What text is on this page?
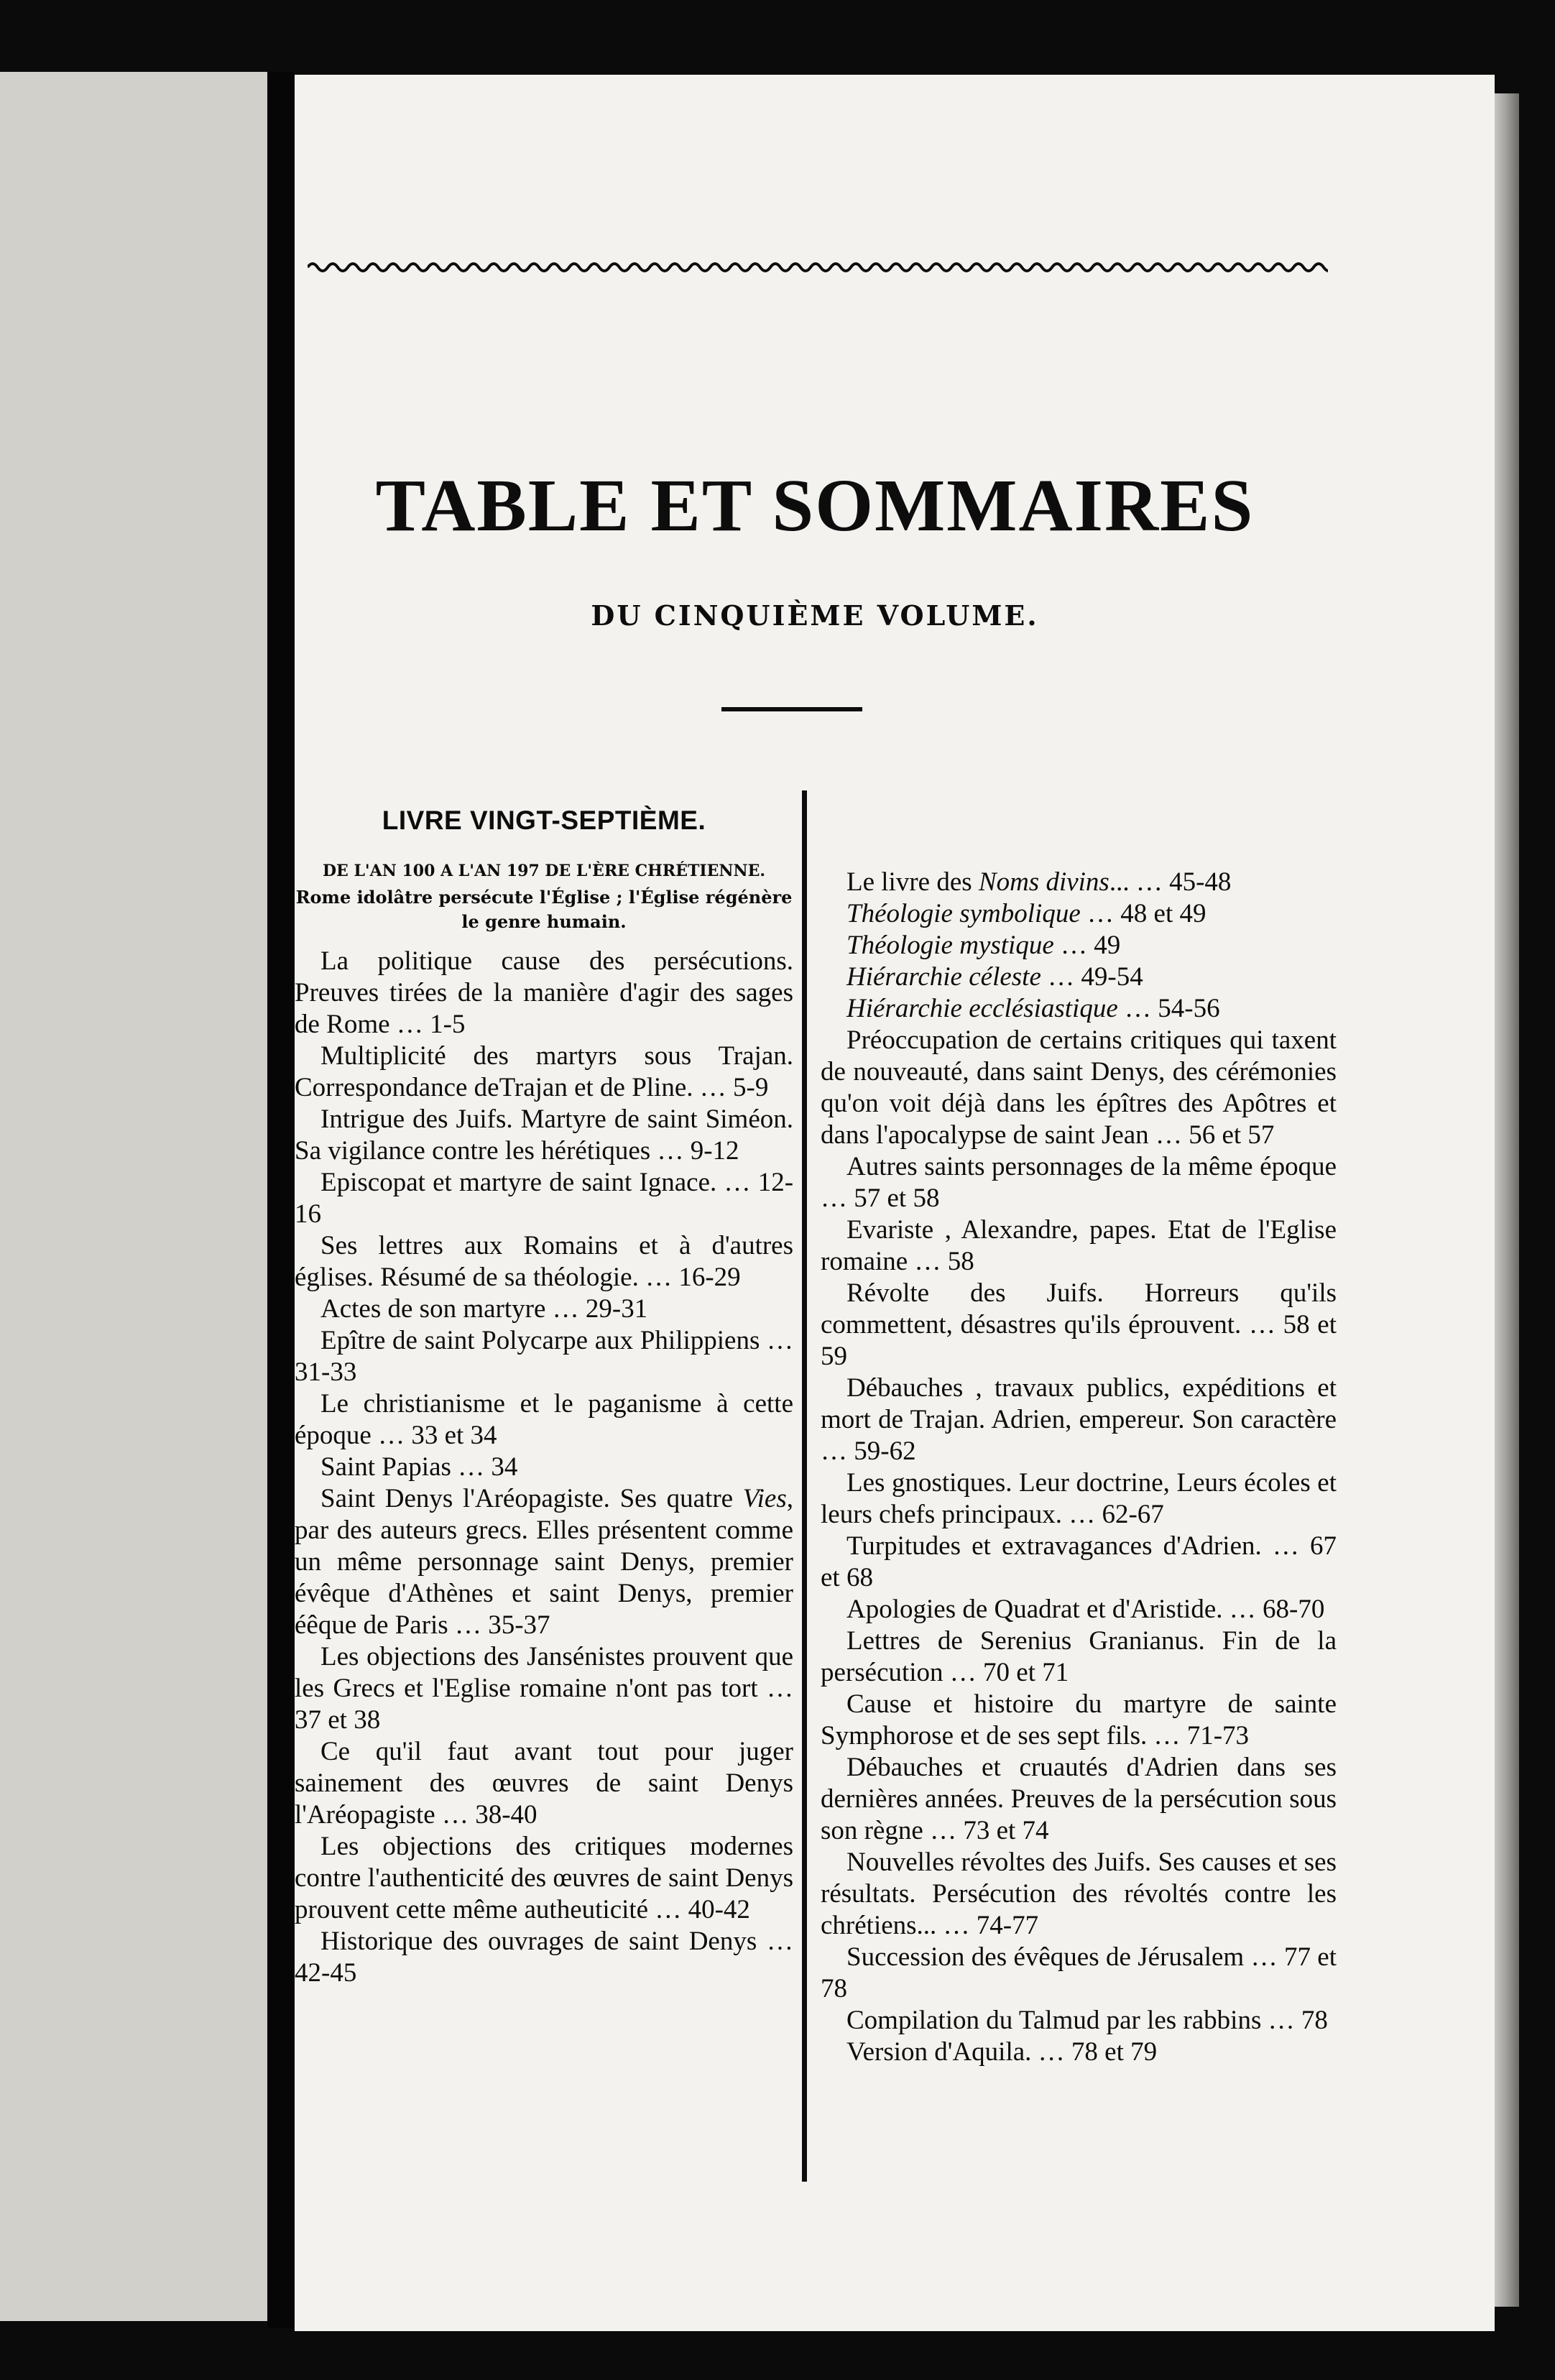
TABLE ET SOMMAIRES
DU CINQUIÈME VOLUME.
LIVRE VINGT-SEPTIÈME.
DE L'AN 100 A L'AN 197 DE L'ÈRE CHRÉTIENNE.
Rome idolâtre persécute l'Église ; l'Église régénère le genre humain.

La politique cause des persécutions. Preuves tirées de la manière d'agir des sages de Rome … 1-5

Multiplicité des martyrs sous Trajan. Correspondance deTrajan et de Pline. … 5-9

Intrigue des Juifs. Martyre de saint Siméon. Sa vigilance contre les hérétiques … 9-12

Episcopat et martyre de saint Ignace. … 12-16

Ses lettres aux Romains et à d'autres églises. Résumé de sa théologie. … 16-29

Actes de son martyre … 29-31

Epître de saint Polycarpe aux Philippiens … 31-33

Le christianisme et le paganisme à cette époque … 33 et 34

Saint Papias … 34

Saint Denys l'Aréopagiste. Ses quatre Vies, par des auteurs grecs. Elles présentent comme un même personnage saint Denys, premier évêque d'Athènes et saint Denys, premier éêque de Paris … 35-37

Les objections des Jansénistes prouvent que les Grecs et l'Eglise romaine n'ont pas tort … 37 et 38

Ce qu'il faut avant tout pour juger sainement des œuvres de saint Denys l'Aréopagiste … 38-40

Les objections des critiques modernes contre l'authenticité des œuvres de saint Denys prouvent cette même autheuticité … 40-42

Historique des ouvrages de saint Denys … 42-45

Le livre des Noms divins... … 45-48

Théologie symbolique … 48 et 49

Théologie mystique … 49

Hiérarchie céleste … 49-54

Hiérarchie ecclésiastique … 54-56

Préoccupation de certains critiques qui taxent de nouveauté, dans saint Denys, des cérémonies qu'on voit déjà dans les épîtres des Apôtres et dans l'apocalypse de saint Jean … 56 et 57

Autres saints personnages de la même époque … 57 et 58

Evariste , Alexandre, papes. Etat de l'Eglise romaine … 58

Révolte des Juifs. Horreurs qu'ils commettent, désastres qu'ils éprouvent. … 58 et 59

Débauches , travaux publics, expéditions et mort de Trajan. Adrien, empereur. Son caractère … 59-62

Les gnostiques. Leur doctrine, Leurs écoles et leurs chefs principaux. … 62-67

Turpitudes et extravagances d'Adrien. … 67 et 68

Apologies de Quadrat et d'Aristide. … 68-70

Lettres de Serenius Granianus. Fin de la persécution … 70 et 71

Cause et histoire du martyre de sainte Symphorose et de ses sept fils. … 71-73

Débauches et cruautés d'Adrien dans ses dernières années. Preuves de la persécution sous son règne … 73 et 74

Nouvelles révoltes des Juifs. Ses causes et ses résultats. Persécution des révoltés contre les chrétiens... … 74-77

Succession des évêques de Jérusalem … 77 et 78

Compilation du Talmud par les rabbins … 78

Version d'Aquila. … 78 et 79
